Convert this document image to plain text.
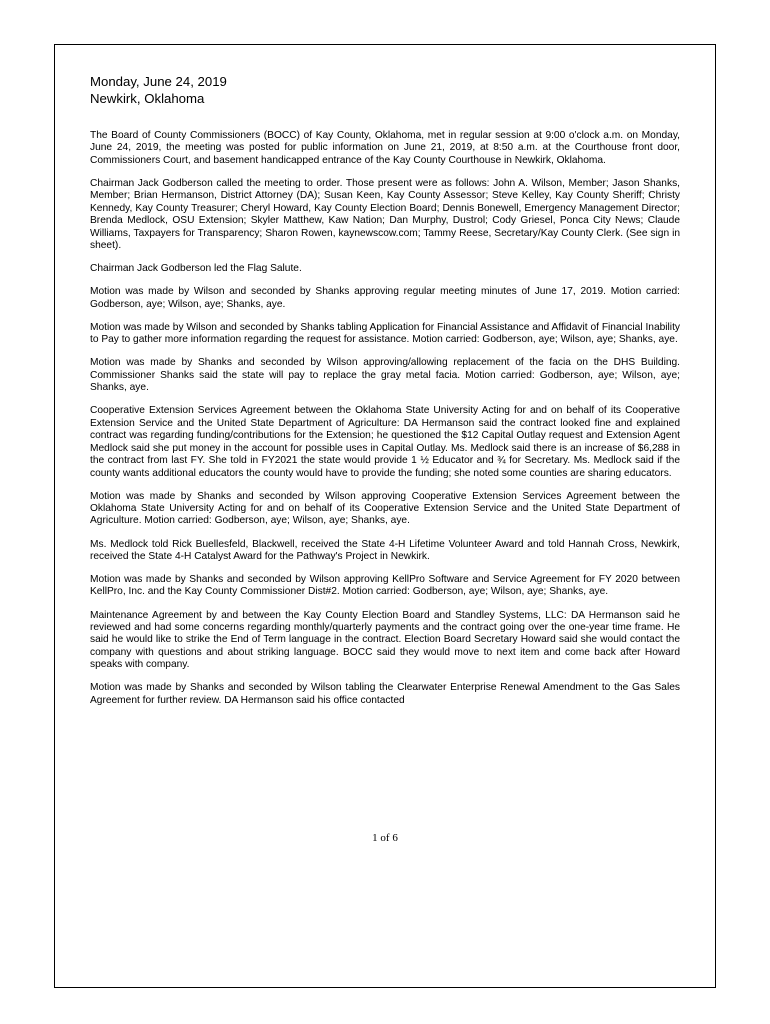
Monday, June 24, 2019

Newkirk, Oklahoma

The Board of County Commissioners (BOCC) of Kay County, Oklahoma, met in regular session at 9:00 o'clock a.m. on Monday, June 24, 2019, the meeting was posted for public information on June 21, 2019, at 8:50 a.m. at the Courthouse front door, Commissioners Court, and basement handicapped entrance of the Kay County Courthouse in Newkirk, Oklahoma.

Chairman Jack Godberson called the meeting to order. Those present were as follows: John A. Wilson, Member; Jason Shanks, Member; Brian Hermanson, District Attorney (DA); Susan Keen, Kay County Assessor; Steve Kelley, Kay County Sheriff; Christy Kennedy, Kay County Treasurer; Cheryl Howard, Kay County Election Board; Dennis Bonewell, Emergency Management Director; Brenda Medlock, OSU Extension; Skyler Matthew, Kaw Nation; Dan Murphy, Dustrol; Cody Griesel, Ponca City News; Claude Williams, Taxpayers for Transparency; Sharon Rowen, kaynewscow.com; Tammy Reese, Secretary/Kay County Clerk. (See sign in sheet).

Chairman Jack Godberson led the Flag Salute.

Motion was made by Wilson and seconded by Shanks approving regular meeting minutes of June 17, 2019. Motion carried: Godberson, aye; Wilson, aye; Shanks, aye.

Motion was made by Wilson and seconded by Shanks tabling Application for Financial Assistance and Affidavit of Financial Inability to Pay to gather more information regarding the request for assistance. Motion carried: Godberson, aye; Wilson, aye; Shanks, aye.

Motion was made by Shanks and seconded by Wilson approving/allowing replacement of the facia on the DHS Building. Commissioner Shanks said the state will pay to replace the gray metal facia. Motion carried: Godberson, aye; Wilson, aye; Shanks, aye.

Cooperative Extension Services Agreement between the Oklahoma State University Acting for and on behalf of its Cooperative Extension Service and the United State Department of Agriculture: DA Hermanson said the contract looked fine and explained contract was regarding funding/contributions for the Extension; he questioned the $12 Capital Outlay request and Extension Agent Medlock said she put money in the account for possible uses in Capital Outlay. Ms. Medlock said there is an increase of $6,288 in the contract from last FY. She told in FY2021 the state would provide 1 ½ Educator and ¾ for Secretary. Ms. Medlock said if the county wants additional educators the county would have to provide the funding; she noted some counties are sharing educators.

Motion was made by Shanks and seconded by Wilson approving Cooperative Extension Services Agreement between the Oklahoma State University Acting for and on behalf of its Cooperative Extension Service and the United State Department of Agriculture. Motion carried: Godberson, aye; Wilson, aye; Shanks, aye.

Ms. Medlock told Rick Buellesfeld, Blackwell, received the State 4-H Lifetime Volunteer Award and told Hannah Cross, Newkirk, received the State 4-H Catalyst Award for the Pathway's Project in Newkirk.

Motion was made by Shanks and seconded by Wilson approving KellPro Software and Service Agreement for FY 2020 between KellPro, Inc. and the Kay County Commissioner Dist#2. Motion carried: Godberson, aye; Wilson, aye; Shanks, aye.

Maintenance Agreement by and between the Kay County Election Board and Standley Systems, LLC: DA Hermanson said he reviewed and had some concerns regarding monthly/quarterly payments and the contract going over the one-year time frame. He said he would like to strike the End of Term language in the contract. Election Board Secretary Howard said she would contact the company with questions and about striking language. BOCC said they would move to next item and come back after Howard speaks with company.

Motion was made by Shanks and seconded by Wilson tabling the Clearwater Enterprise Renewal Amendment to the Gas Sales Agreement for further review. DA Hermanson said his office contacted

1 of 6
